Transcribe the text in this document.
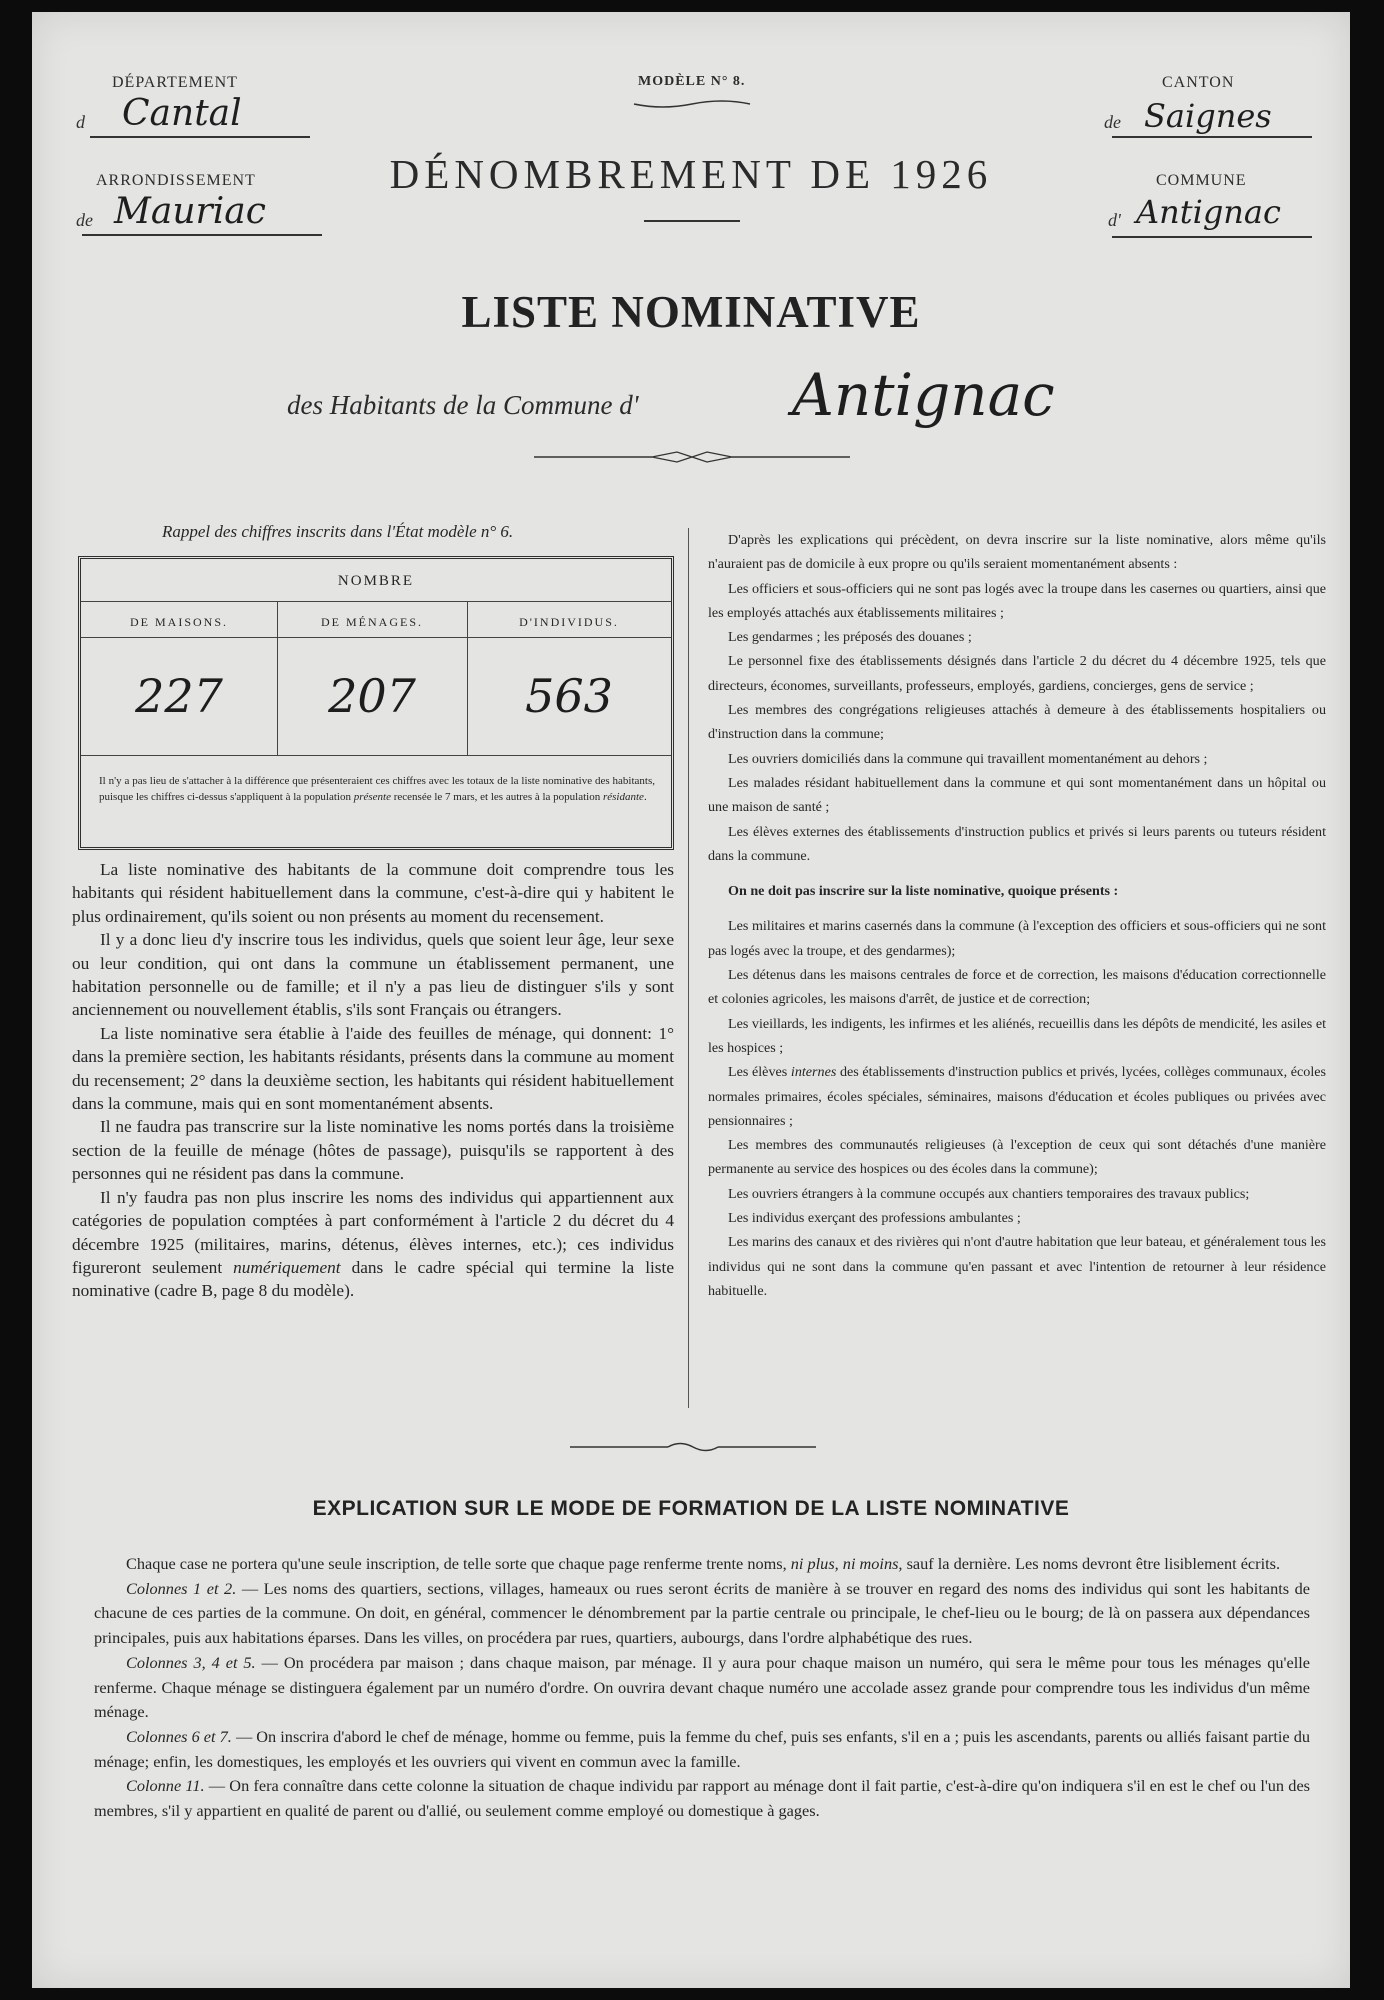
DÉPARTEMENT
d Cantal
MODÈLE N° 8.	CANTON
de Saignes
ARRONDISSEMENT
de Mauriac
DÉNOMBREMENT DE 1926	COMMUNE
d' Antignac
LISTE NOMINATIVE
des Habitants de la Commune d'	Antignac
Rappel des chiffres inscrits dans l'État modèle n° 6.
NOMBRE
DE MAISONS.	DE MÉNAGES.	D'INDIVIDUS.
227	207	563
Il n'y a pas lieu de s'attacher à la différence que présenteraient ces chiffres avec les totaux de la liste nominative des habitants, puisque les chiffres ci-dessus s'appliquent à la population présente recensée le 7 mars, et les autres à la population résidante.

La liste nominative des habitants de la commune doit comprendre tous les habitants qui résident habituellement dans la commune, c'est-à-dire qui y habitent le plus ordinairement, qu'ils soient ou non présents au moment du recensement.

Il y a donc lieu d'y inscrire tous les individus, quels que soient leur âge, leur sexe ou leur condition, qui ont dans la commune un établissement permanent, une habitation personnelle ou de famille; et il n'y a pas lieu de distinguer s'ils y sont anciennement ou nouvellement établis, s'ils sont Français ou étrangers.

La liste nominative sera établie à l'aide des feuilles de ménage, qui donnent: 1° dans la première section, les habitants résidants, présents dans la commune au moment du recensement; 2° dans la deuxième section, les habitants qui résident habituellement dans la commune, mais qui en sont momentanément absents.

Il ne faudra pas transcrire sur la liste nominative les noms portés dans la troisième section de la feuille de ménage (hôtes de passage), puisqu'ils se rapportent à des personnes qui ne résident pas dans la commune.

Il n'y faudra pas non plus inscrire les noms des individus qui appartiennent aux catégories de population comptées à part conformément à l'article 2 du décret du 4 décembre 1925 (militaires, marins, détenus, élèves internes, etc.); ces individus figureront seulement numériquement dans le cadre spécial qui termine la liste nominative (cadre B, page 8 du modèle).

D'après les explications qui précèdent, on devra inscrire sur la liste nominative, alors même qu'ils n'auraient pas de domicile à eux propre ou qu'ils seraient momentanément absents :

Les officiers et sous-officiers qui ne sont pas logés avec la troupe dans les casernes ou quartiers, ainsi que les employés attachés aux établissements militaires ;

Les gendarmes ; les préposés des douanes ;

Le personnel fixe des établissements désignés dans l'article 2 du décret du 4 décembre 1925, tels que directeurs, économes, surveillants, professeurs, employés, gardiens, concierges, gens de service ;

Les membres des congrégations religieuses attachés à demeure à des établissements hospitaliers ou d'instruction dans la commune;

Les ouvriers domiciliés dans la commune qui travaillent momentanément au dehors ;

Les malades résidant habituellement dans la commune et qui sont momentanément dans un hôpital ou une maison de santé ;

Les élèves externes des établissements d'instruction publics et privés si leurs parents ou tuteurs résident dans la commune.

On ne doit pas inscrire sur la liste nominative, quoique présents :

Les militaires et marins casernés dans la commune (à l'exception des officiers et sous-officiers qui ne sont pas logés avec la troupe, et des gendarmes);

Les détenus dans les maisons centrales de force et de correction, les maisons d'éducation correctionnelle et colonies agricoles, les maisons d'arrêt, de justice et de correction;

Les vieillards, les indigents, les infirmes et les aliénés, recueillis dans les dépôts de mendicité, les asiles et les hospices ;

Les élèves internes des établissements d'instruction publics et privés, lycées, collèges communaux, écoles normales primaires, écoles spéciales, séminaires, maisons d'éducation et écoles publiques ou privées avec pensionnaires ;

Les membres des communautés religieuses (à l'exception de ceux qui sont détachés d'une manière permanente au service des hospices ou des écoles dans la commune);

Les ouvriers étrangers à la commune occupés aux chantiers temporaires des travaux publics;

Les individus exerçant des professions ambulantes ;

Les marins des canaux et des rivières qui n'ont d'autre habitation que leur bateau, et généralement tous les individus qui ne sont dans la commune qu'en passant et avec l'intention de retourner à leur résidence habituelle.

EXPLICATION SUR LE MODE DE FORMATION DE LA LISTE NOMINATIVE

Chaque case ne portera qu'une seule inscription, de telle sorte que chaque page renferme trente noms, ni plus, ni moins, sauf la dernière. Les noms devront être lisiblement écrits.

Colonnes 1 et 2. — Les noms des quartiers, sections, villages, hameaux ou rues seront écrits de manière à se trouver en regard des noms des individus qui sont les habitants de chacune de ces parties de la commune. On doit, en général, commencer le dénombrement par la partie centrale ou principale, le chef-lieu ou le bourg; de là on passera aux dépendances principales, puis aux habitations éparses. Dans les villes, on procédera par rues, quartiers, aubourgs, dans l'ordre alphabétique des rues.

Colonnes 3, 4 et 5. — On procédera par maison ; dans chaque maison, par ménage. Il y aura pour chaque maison un numéro, qui sera le même pour tous les ménages qu'elle renferme. Chaque ménage se distinguera également par un numéro d'ordre. On ouvrira devant chaque numéro une accolade assez grande pour comprendre tous les individus d'un même ménage.

Colonnes 6 et 7. — On inscrira d'abord le chef de ménage, homme ou femme, puis la femme du chef, puis ses enfants, s'il en a ; puis les ascendants, parents ou alliés faisant partie du ménage; enfin, les domestiques, les employés et les ouvriers qui vivent en commun avec la famille.

Colonne 11. — On fera connaître dans cette colonne la situation de chaque individu par rapport au ménage dont il fait partie, c'est-à-dire qu'on indiquera s'il en est le chef ou l'un des membres, s'il y appartient en qualité de parent ou d'allié, ou seulement comme employé ou domestique à gages.
